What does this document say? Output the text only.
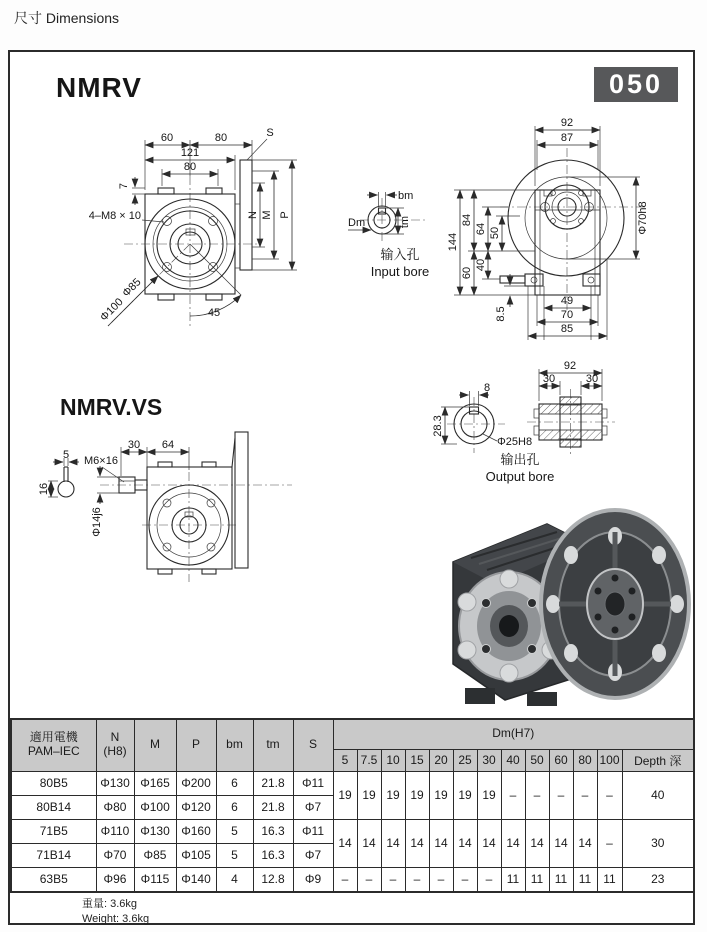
尺寸 Dimensions
NMRV	050
NMRV.VS
60	80
121
80
S
7
4–M8 × 10	N M P
Φ85
Φ100	45
bm
Dm	tm
输入孔
Input bore
92
87
144
84
60
64
40
50
8.5
Φ70h8
49
70
85
5
16
M6×16
Φ14j6
30 64
8
28.3
Φ25H8
92
30	30
输出孔
Output bore
適用電機
PAM–IEC

N
(H8)	M	P	bm	tm	S	Dm(H7)
							5	7.5	10	15	20	25	30	40	50	60	80	100	Depth 深
80B5	Φ130	Φ165	Φ200	6	21.8	Φ11	19	19	19	19	19	19	19	–	–	–	–	–	40
80B14	Φ80	Φ100	Φ120	6	21.8	Φ7													
71B5	Φ110	Φ130	Φ160	5	16.3	Φ11	14	14	14	14	14	14	14	14	14	14	14	–	30
71B14	Φ70	Φ85	Φ105	5	16.3	Φ7													
63B5	Φ96	Φ115	Φ140	4	12.8	Φ9	–	–	–	–	–	–	–	11	11	11	11	11	23
重量: 3.6kg
Weight: 3.6kg
